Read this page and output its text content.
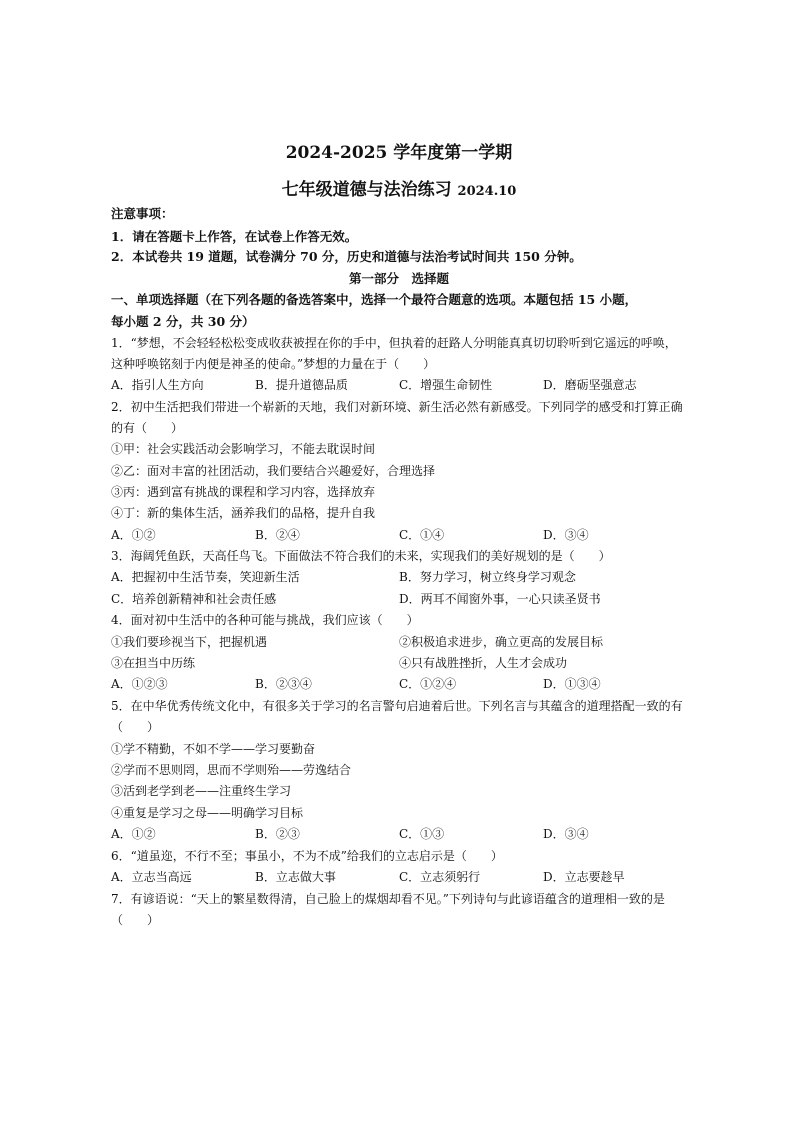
2024-2025 学年度第一学期
七年级道德与法治练习 2024.10
注意事项：
1．请在答题卡上作答，在试卷上作答无效。
2．本试卷共 19 道题，试卷满分 70 分，历史和道德与法治考试时间共 150 分钟。
第一部分　选择题
一、单项选择题（在下列各题的备选答案中，选择一个最符合题意的选项。本题包括 15 小题，
每小题 2 分，共 30 分）
1．“梦想，不会轻轻松松变成收获被捏在你的手中，但执着的赶路人分明能真真切切聆听到它遥远的呼唤，
这种呼唤铭刻于内便是神圣的使命。”梦想的力量在于（　　）
A．指引人生方向	B．提升道德品质	C．增强生命韧性	D．磨砺坚强意志
2．初中生活把我们带进一个崭新的天地，我们对新环境、新生活必然有新感受。下列同学的感受和打算正确
的有（　　）
①甲：社会实践活动会影响学习，不能去耽误时间
②乙：面对丰富的社团活动，我们要结合兴趣爱好，合理选择
③丙：遇到富有挑战的课程和学习内容，选择放弃
④丁：新的集体生活，涵养我们的品格，提升自我
A．①②	B．②④	C．①④	D．③④
3．海阔凭鱼跃，天高任鸟飞。下面做法不符合我们的未来，实现我们的美好规划的是（　　）
A．把握初中生活节奏，笑迎新生活	B．努力学习，树立终身学习观念
C．培养创新精神和社会责任感	D．两耳不闻窗外事，一心只读圣贤书
4．面对初中生活中的各种可能与挑战，我们应该（　　）
①我们要珍视当下，把握机遇	②积极追求进步，确立更高的发展目标
③在担当中历练	④只有战胜挫折，人生才会成功
A．①②③	B．②③④	C．①②④	D．①③④
5．在中华优秀传统文化中，有很多关于学习的名言警句启迪着后世。下列名言与其蕴含的道理搭配一致的有
（　　）
①学不精勤，不如不学——学习要勤奋
②学而不思则罔，思而不学则殆——劳逸结合
③活到老学到老——注重终生学习
④重复是学习之母——明确学习目标
A．①②	B．②③	C．①③	D．③④
6．“道虽迩，不行不至；事虽小，不为不成”给我们的立志启示是（　　）
A．立志当高远	B．立志做大事	C．立志须躬行	D．立志要趁早
7．有谚语说：“天上的繁星数得清，自己脸上的煤烟却看不见。”下列诗句与此谚语蕴含的道理相一致的是
（　　）
